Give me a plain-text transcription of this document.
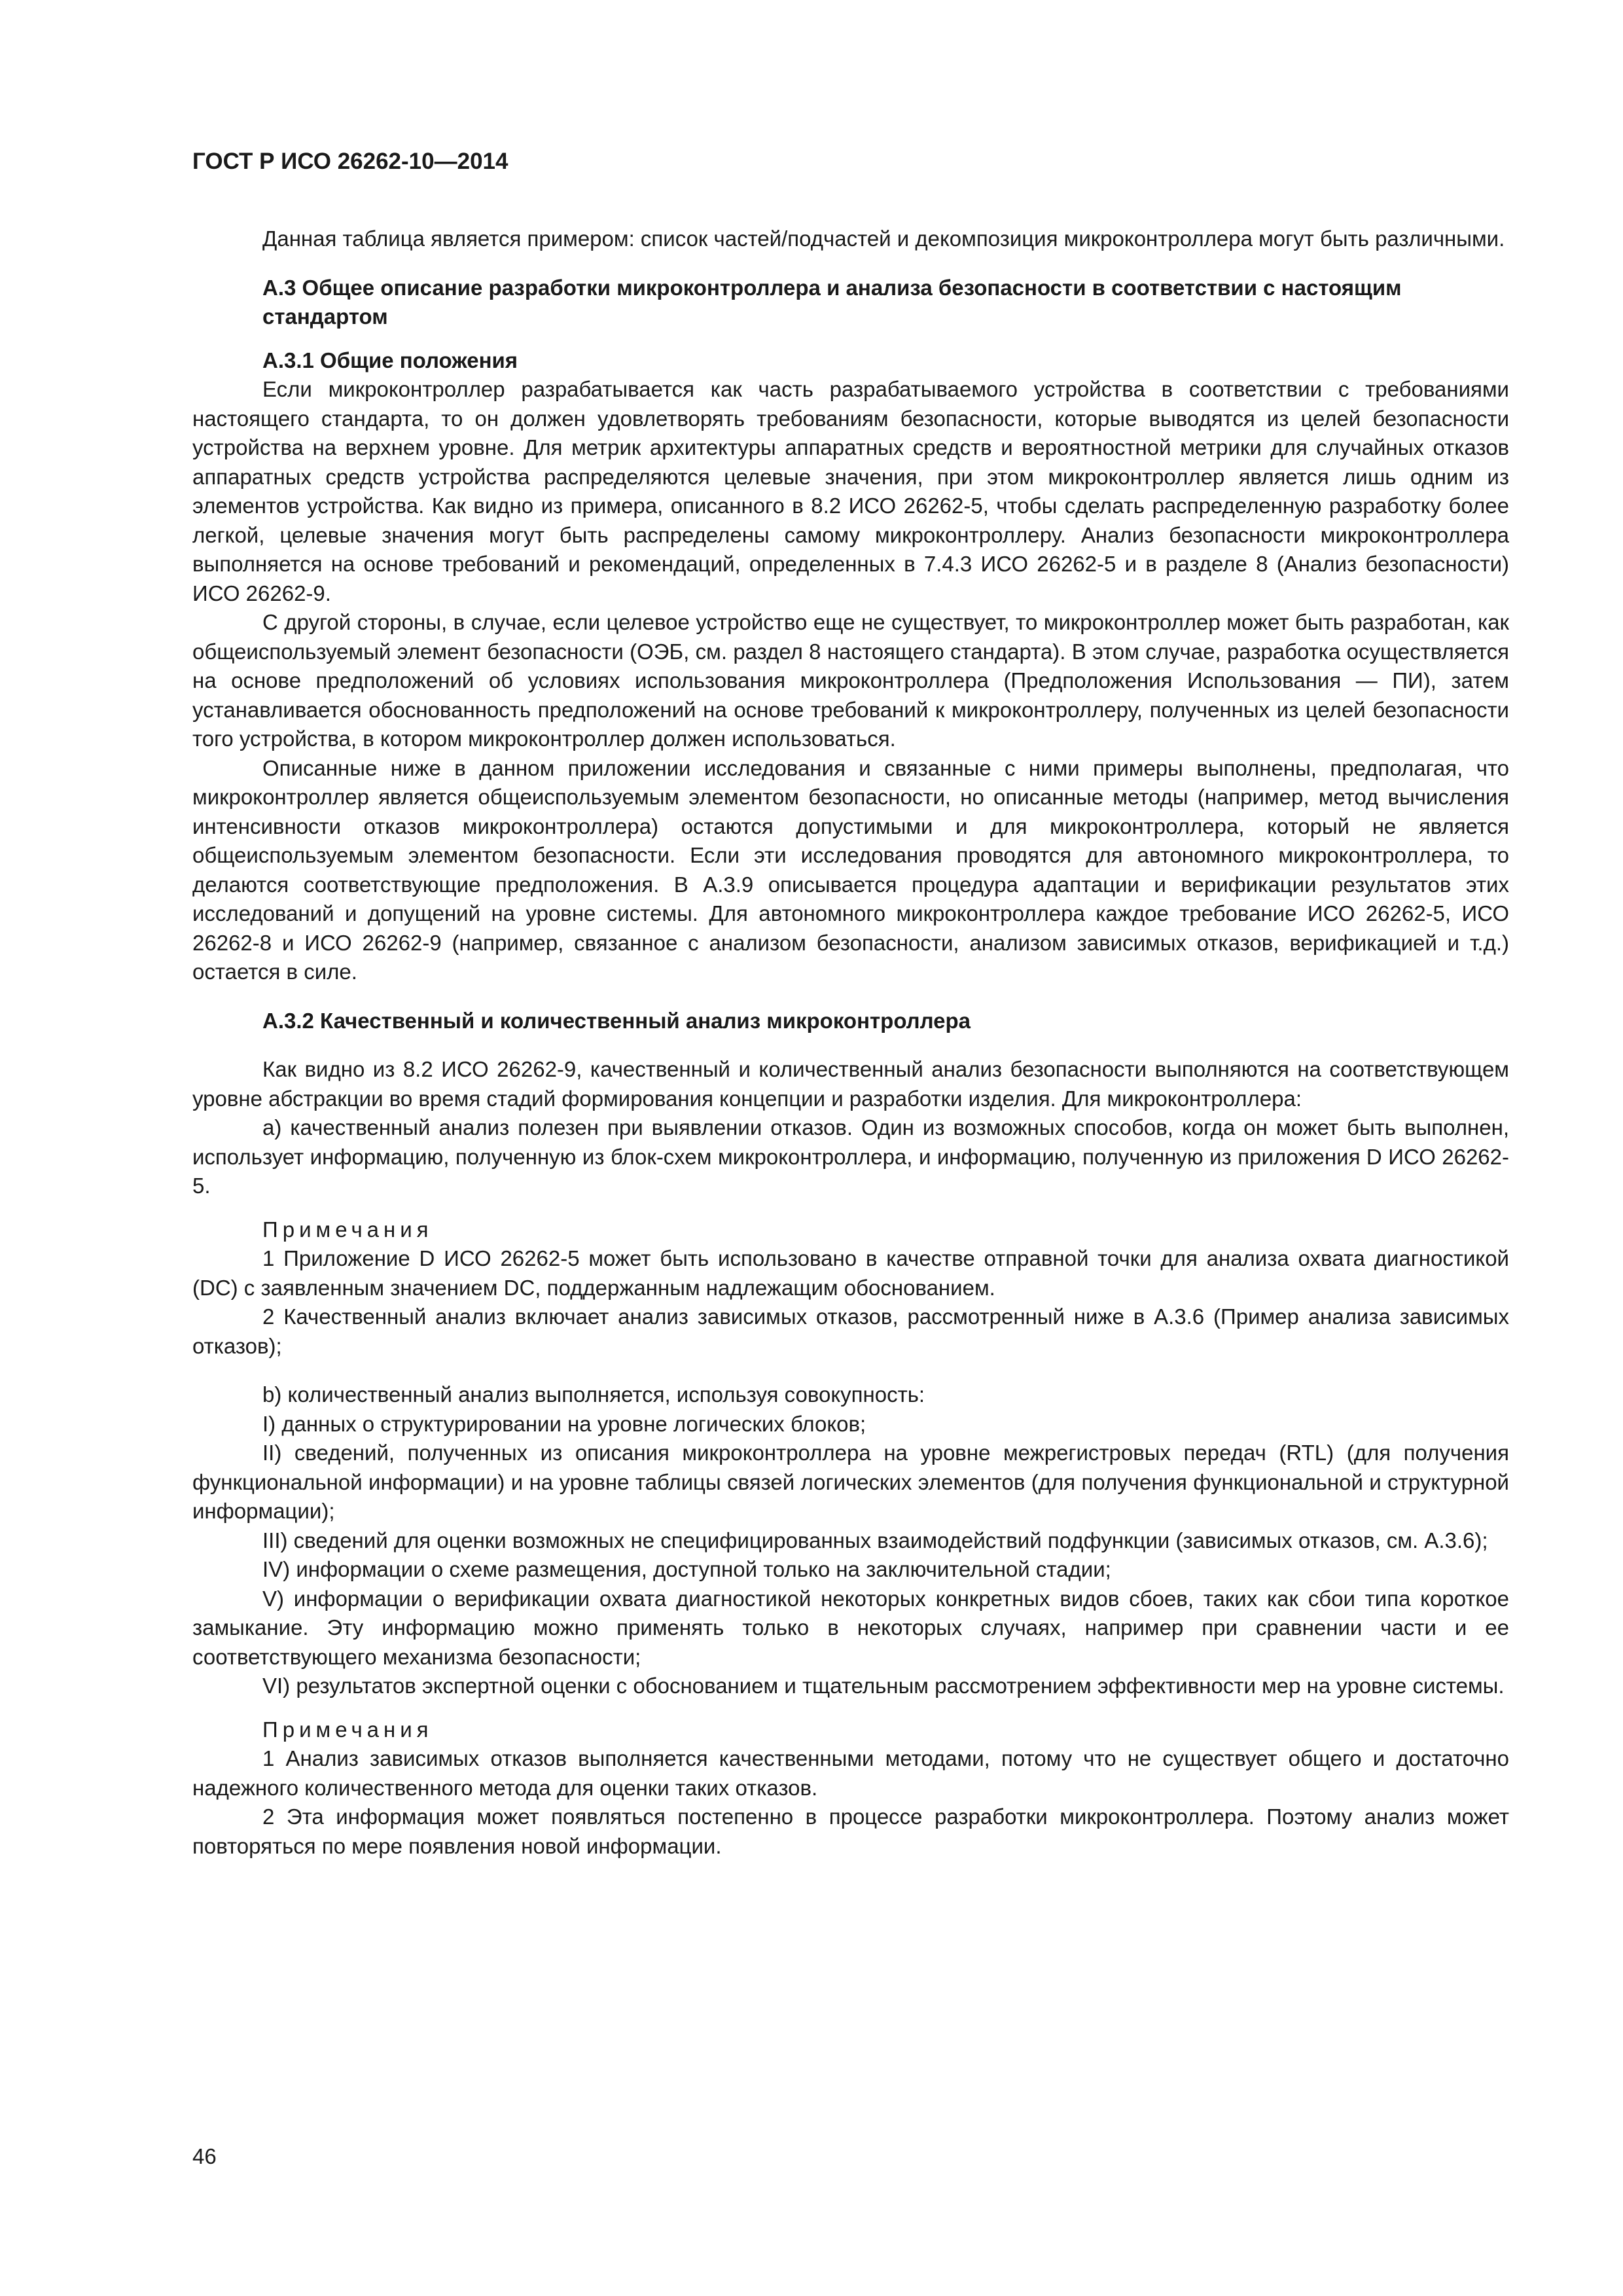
ГОСТ Р ИСО 26262-10—2014

Данная таблица является примером: список частей/подчастей и декомпозиция микроконтроллера могут быть различными.

А.3 Общее описание разработки микроконтроллера и анализа безопасности в соответствии с настоящим стандартом
А.3.1 Общие положения

Если микроконтроллер разрабатывается как часть разрабатываемого устройства в соответствии с требованиями настоящего стандарта, то он должен удовлетворять требованиям безопасности, которые выводятся из целей безопасности устройства на верхнем уровне. Для метрик архитектуры аппаратных средств и вероятностной метрики для случайных отказов аппаратных средств устройства распределяются целевые значения, при этом микроконтроллер является лишь одним из элементов устройства. Как видно из примера, описанного в 8.2 ИСО 26262-5, чтобы сделать распределенную разработку более легкой, целевые значения могут быть распределены самому микроконтроллеру. Анализ безопасности микроконтроллера выполняется на основе требований и рекомендаций, определенных в 7.4.3 ИСО 26262-5 и в разделе 8 (Анализ безопасности) ИСО 26262-9.

С другой стороны, в случае, если целевое устройство еще не существует, то микроконтроллер может быть разработан, как общеиспользуемый элемент безопасности (ОЭБ, см. раздел 8 настоящего стандарта). В этом случае, разработка осуществляется на основе предположений об условиях использования микроконтроллера (Предположения Использования — ПИ), затем устанавливается обоснованность предположений на основе требований к микроконтроллеру, полученных из целей безопасности того устройства, в котором микроконтроллер должен использоваться.

Описанные ниже в данном приложении исследования и связанные с ними примеры выполнены, предполагая, что микроконтроллер является общеиспользуемым элементом безопасности, но описанные методы (например, метод вычисления интенсивности отказов микроконтроллера) остаются допустимыми и для микроконтроллера, который не является общеиспользуемым элементом безопасности. Если эти исследования проводятся для автономного микроконтроллера, то делаются соответствующие предположения. В А.3.9 описывается процедура адаптации и верификации результатов этих исследований и допущений на уровне системы. Для автономного микроконтроллера каждое требование ИСО 26262-5, ИСО 26262-8 и ИСО 26262-9 (например, связанное с анализом безопасности, анализом зависимых отказов, верификацией и т.д.) остается в силе.

А.3.2 Качественный и количественный анализ микроконтроллера

Как видно из 8.2 ИСО 26262-9, качественный и количественный анализ безопасности выполняются на соответствующем уровне абстракции во время стадий формирования концепции и разработки изделия. Для микроконтроллера:

а) качественный анализ полезен при выявлении отказов. Один из возможных способов, когда он может быть выполнен, использует информацию, полученную из блок-схем микроконтроллера, и информацию, полученную из приложения D ИСО 26262-5.

Примечания

1 Приложение D ИСО 26262-5 может быть использовано в качестве отправной точки для анализа охвата диагностикой (DC) с заявленным значением DC, поддержанным надлежащим обоснованием.

2 Качественный анализ включает анализ зависимых отказов, рассмотренный ниже в А.3.6 (Пример анализа зависимых отказов);

b) количественный анализ выполняется, используя совокупность:

I) данных о структурировании на уровне логических блоков;

II) сведений, полученных из описания микроконтроллера на уровне межрегистровых передач (RTL) (для получения функциональной информации) и на уровне таблицы связей логических элементов (для получения функциональной и структурной информации);

III) сведений для оценки возможных не специфицированных взаимодействий подфункции (зависимых отказов, см. А.3.6);

IV) информации о схеме размещения, доступной только на заключительной стадии;

V) информации о верификации охвата диагностикой некоторых конкретных видов сбоев, таких как сбои типа короткое замыкание. Эту информацию можно применять только в некоторых случаях, например при сравнении части и ее соответствующего механизма безопасности;

VI) результатов экспертной оценки с обоснованием и тщательным рассмотрением эффективности мер на уровне системы.

Примечания

1 Анализ зависимых отказов выполняется качественными методами, потому что не существует общего и достаточно надежного количественного метода для оценки таких отказов.

2 Эта информация может появляться постепенно в процессе разработки микроконтроллера. Поэтому анализ может повторяться по мере появления новой информации.

46
